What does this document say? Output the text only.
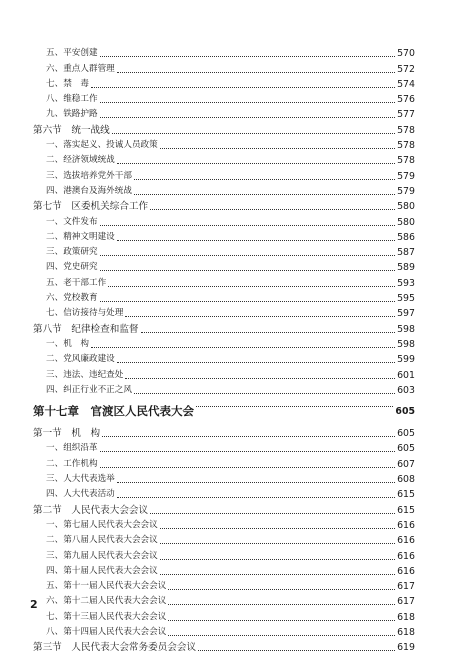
五、平安创建	570
六、重点人群管理	572
七、禁　毒	574
八、维稳工作	576
九、铁路护路	577
第六节　统一战线	578
一、落实起义、投诚人员政策	578
二、经济领域统战	578
三、选拔培养党外干部	579
四、港澳台及海外统战	579
第七节　区委机关综合工作	580
一、文件发布	580
二、精神文明建设	586
三、政策研究	587
四、党史研究	589
五、老干部工作	593
六、党校教育	595
七、信访接待与处理	597
第八节　纪律检查和监督	598
一、机　构	598
二、党风廉政建设	599
三、违法、违纪查处	601
四、纠正行业不正之风	603
第十七章　官渡区人民代表大会	605
第一节　机　构	605
一、组织沿革	605
二、工作机构	607
三、人大代表选举	608
四、人大代表活动	615
第二节　人民代表大会会议	615
一、第七届人民代表大会会议	616
二、第八届人民代表大会会议	616
三、第九届人民代表大会会议	616
四、第十届人民代表大会会议	616
五、第十一届人民代表大会会议	617
六、第十二届人民代表大会会议	617
七、第十三届人民代表大会会议	618
八、第十四届人民代表大会会议	618
第三节　人民代表大会常务委员会会议	619
2
